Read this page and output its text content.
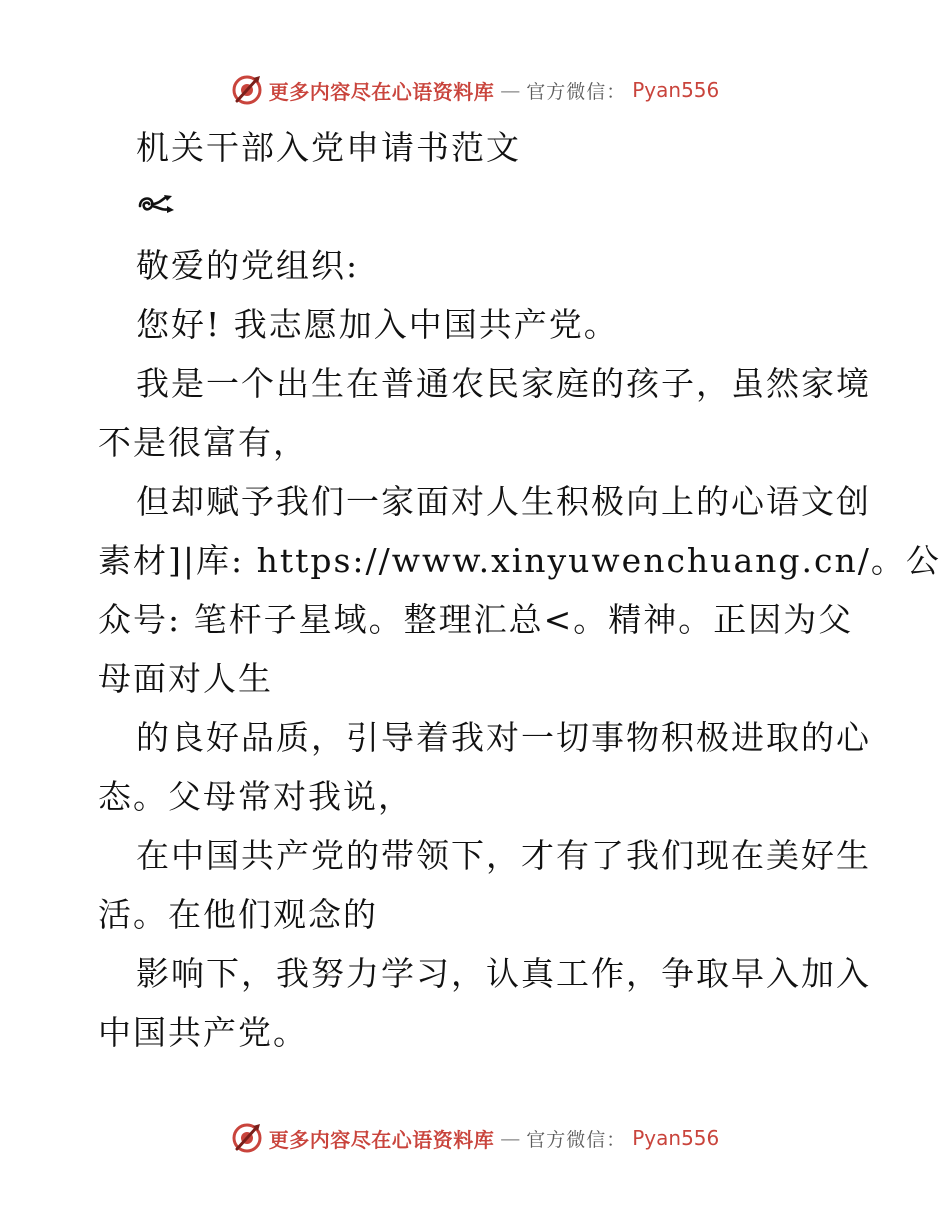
更多内容尽在心语资料库 — 官方微信： Pyan556
机关干部入党申请书范文
敬爱的党组织:
您好! 我志愿加入中国共产党。
我是一个出生在普通农民家庭的孩子，虽然家境
不是很富有，
但却赋予我们一家面对人生积极向上的心语文创
素材]|库: https://www.xinyuwenchuang.cn/。公
众号: 笔杆子星域。整理汇总<。精神。正因为父
母面对人生
的良好品质，引导着我对一切事物积极进取的心
态。父母常对我说，
在中国共产党的带领下，才有了我们现在美好生
活。在他们观念的
影响下，我努力学习，认真工作，争取早入加入
中国共产党。
更多内容尽在心语资料库 — 官方微信： Pyan556
